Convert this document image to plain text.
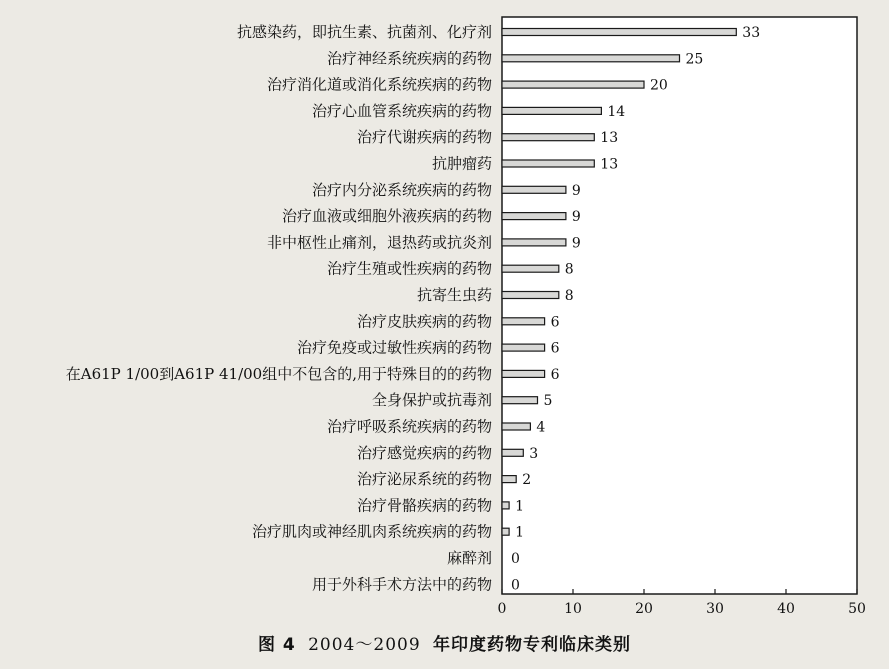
抗感染药，即抗生素、抗菌剂、化疗剂
治疗神经系统疾病的药物
治疗消化道或消化系统疾病的药物
治疗心血管系统疾病的药物
治疗代谢疾病的药物
抗肿瘤药
治疗内分泌系统疾病的药物
治疗血液或细胞外液疾病的药物
非中枢性止痛剂，退热药或抗炎剂
治疗生殖或性疾病的药物
抗寄生虫药
治疗皮肤疾病的药物
治疗免疫或过敏性疾病的药物
在A61P 1/00到A61P 41/00组中不包含的,用于特殊目的的药物
全身保护或抗毒剂
治疗呼吸系统疾病的药物
治疗感觉疾病的药物
治疗泌尿系统的药物
治疗骨骼疾病的药物
治疗肌肉或神经肌肉系统疾病的药物
麻醉剂
用于外科手术方法中的药物
33
25
20
14
13
13
9
9
9
8
8
6
6
6
5
4
3
2
1
1
0
0
0	10	20	30	40	50
图 4 2004～2009 年印度药物专利临床类别
